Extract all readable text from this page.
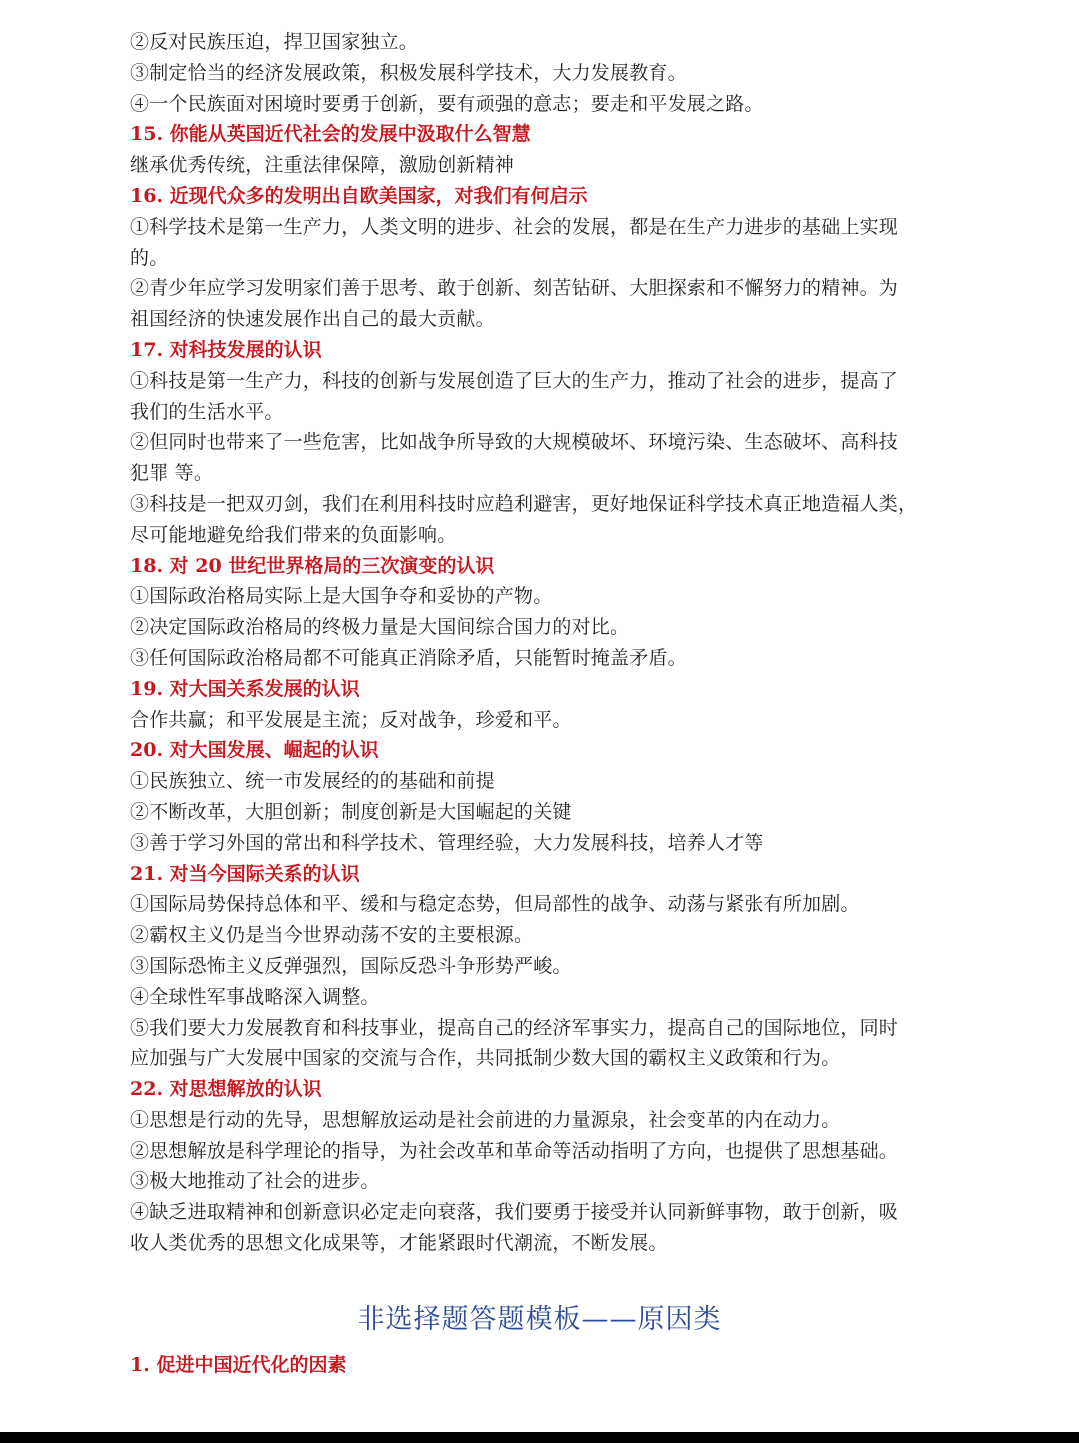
②反对民族压迫，捍卫国家独立。
③制定恰当的经济发展政策，积极发展科学技术，大力发展教育。
④一个民族面对困境时要勇于创新，要有顽强的意志；要走和平发展之路。
15. 你能从英国近代社会的发展中汲取什么智慧
继承优秀传统，注重法律保障，激励创新精神
16. 近现代众多的发明出自欧美国家，对我们有何启示
①科学技术是第一生产力，人类文明的进步、社会的发展，都是在生产力进步的基础上实现
的。
②青少年应学习发明家们善于思考、敢于创新、刻苦钻研、大胆探索和不懈努力的精神。为
祖国经济的快速发展作出自己的最大贡献。
17. 对科技发展的认识
①科技是第一生产力，科技的创新与发展创造了巨大的生产力，推动了社会的进步，提高了
我们的生活水平。
②但同时也带来了一些危害，比如战争所导致的大规模破坏、环境污染、生态破坏、高科技
犯罪 等。
③科技是一把双刃剑，我们在利用科技时应趋利避害，更好地保证科学技术真正地造福人类，
尽可能地避免给我们带来的负面影响。
18. 对 20 世纪世界格局的三次演变的认识
①国际政治格局实际上是大国争夺和妥协的产物。
②决定国际政治格局的终极力量是大国间综合国力的对比。
③任何国际政治格局都不可能真正消除矛盾，只能暂时掩盖矛盾。
19. 对大国关系发展的认识
合作共赢；和平发展是主流；反对战争，珍爱和平。
20. 对大国发展、崛起的认识
①民族独立、统一市发展经的的基础和前提
②不断改革，大胆创新；制度创新是大国崛起的关键
③善于学习外国的常出和科学技术、管理经验，大力发展科技，培养人才等
21. 对当今国际关系的认识
①国际局势保持总体和平、缓和与稳定态势，但局部性的战争、动荡与紧张有所加剧。
②霸权主义仍是当今世界动荡不安的主要根源。
③国际恐怖主义反弹强烈，国际反恐斗争形势严峻。
④全球性军事战略深入调整。
⑤我们要大力发展教育和科技事业，提高自己的经济军事实力，提高自己的国际地位，同时
应加强与广大发展中国家的交流与合作，共同抵制少数大国的霸权主义政策和行为。
22. 对思想解放的认识
①思想是行动的先导，思想解放运动是社会前进的力量源泉，社会变革的内在动力。
②思想解放是科学理论的指导，为社会改革和革命等活动指明了方向，也提供了思想基础。
③极大地推动了社会的进步。
④缺乏进取精神和创新意识必定走向衰落，我们要勇于接受并认同新鲜事物，敢于创新，吸
收人类优秀的思想文化成果等，才能紧跟时代潮流，不断发展。
非选择题答题模板——原因类
1. 促进中国近代化的因素
